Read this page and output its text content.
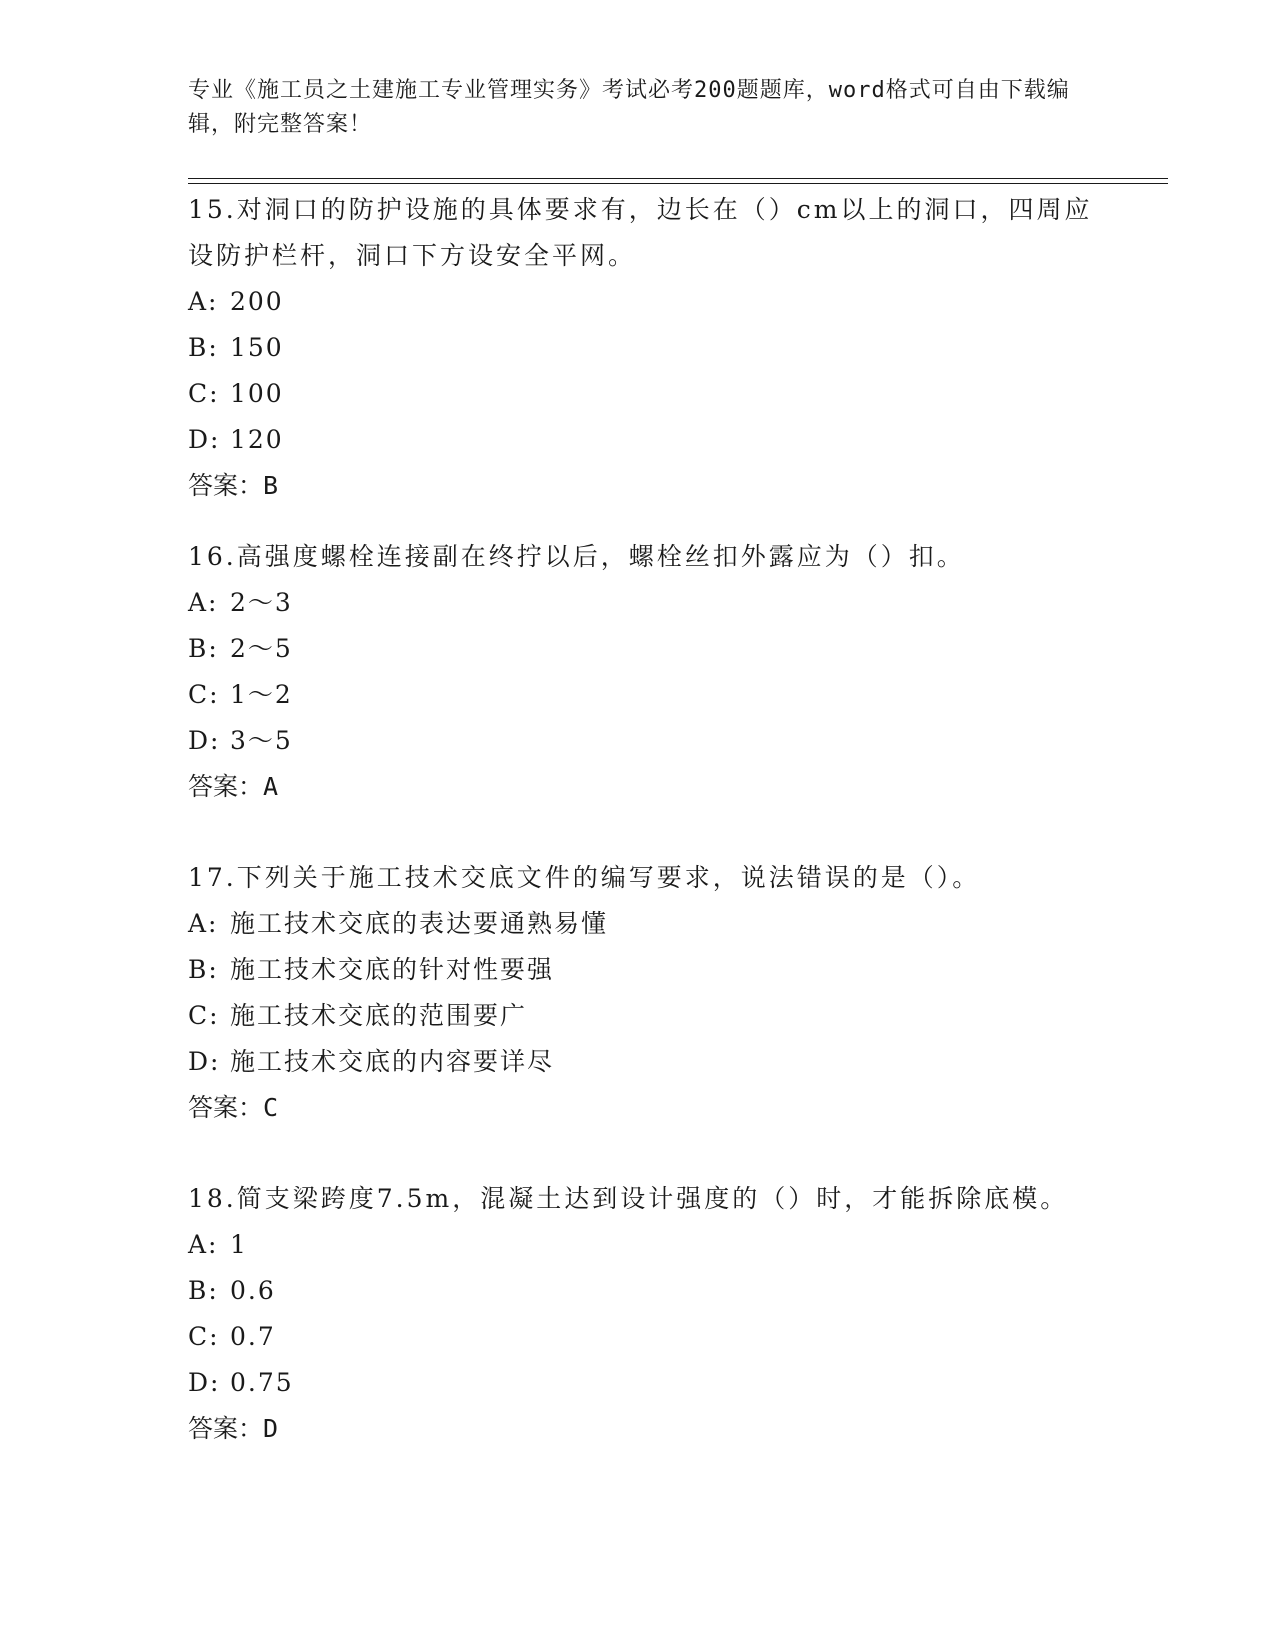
专业《施工员之土建施工专业管理实务》考试必考200题题库，word格式可自由下载编辑，附完整答案！

15.对洞口的防护设施的具体要求有，边长在（）cm以上的洞口，四周应设防护栏杆，洞口下方设安全平网。

A: 200

B: 150

C: 100

D: 120

答案：B

16.高强度螺栓连接副在终拧以后，螺栓丝扣外露应为（）扣。

A: 2～3

B: 2～5

C: 1～2

D: 3～5

答案：A

17.下列关于施工技术交底文件的编写要求，说法错误的是（）。

A: 施工技术交底的表达要通熟易懂

B: 施工技术交底的针对性要强

C: 施工技术交底的范围要广

D: 施工技术交底的内容要详尽

答案：C

18.简支梁跨度7.5m，混凝土达到设计强度的（）时，才能拆除底模。

A: 1

B: 0.6

C: 0.7

D: 0.75

答案：D
